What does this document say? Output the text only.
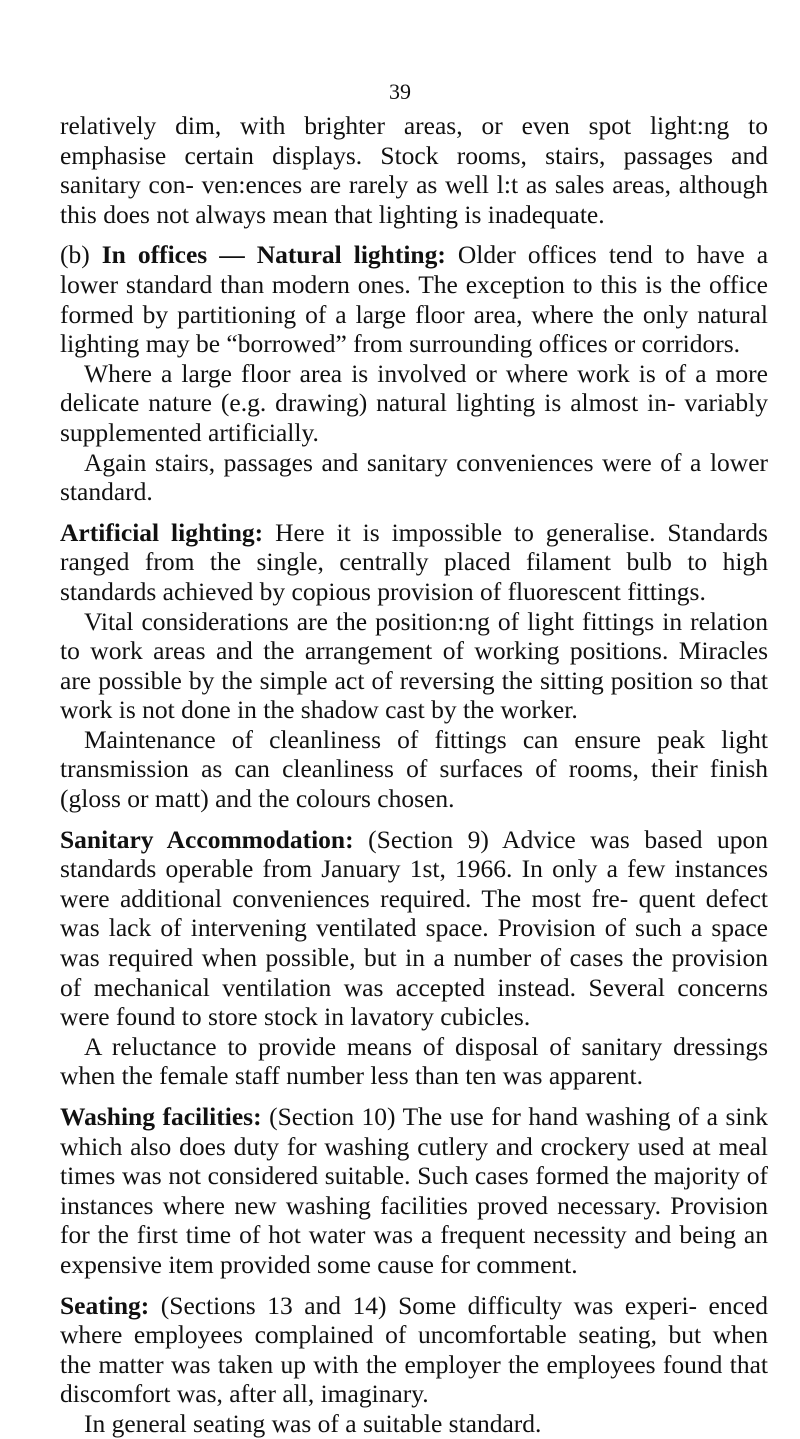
39

relatively dim, with brighter areas, or even spot light:ng to emphasise certain displays. Stock rooms, stairs, passages and sanitary con- ven:ences are rarely as well l:t as sales areas, although this does not always mean that lighting is inadequate.

(b) In offices — Natural lighting: Older offices tend to have a lower standard than modern ones. The exception to this is the office formed by partitioning of a large floor area, where the only natural lighting may be “borrowed” from surrounding offices or corridors.

Where a large floor area is involved or where work is of a more delicate nature (e.g. drawing) natural lighting is almost in- variably supplemented artificially.

Again stairs, passages and sanitary conveniences were of a lower standard.

Artificial lighting: Here it is impossible to generalise. Standards ranged from the single, centrally placed filament bulb to high standards achieved by copious provision of fluorescent fittings.

Vital considerations are the position:ng of light fittings in relation to work areas and the arrangement of working positions. Miracles are possible by the simple act of reversing the sitting position so that work is not done in the shadow cast by the worker.

Maintenance of cleanliness of fittings can ensure peak light transmission as can cleanliness of surfaces of rooms, their finish (gloss or matt) and the colours chosen.

Sanitary Accommodation: (Section 9) Advice was based upon standards operable from January 1st, 1966. In only a few instances were additional conveniences required. The most fre- quent defect was lack of intervening ventilated space. Provision of such a space was required when possible, but in a number of cases the provision of mechanical ventilation was accepted instead. Several concerns were found to store stock in lavatory cubicles.

A reluctance to provide means of disposal of sanitary dressings when the female staff number less than ten was apparent.

Washing facilities: (Section 10) The use for hand washing of a sink which also does duty for washing cutlery and crockery used at meal times was not considered suitable. Such cases formed the majority of instances where new washing facilities proved necessary. Provision for the first time of hot water was a frequent necessity and being an expensive item provided some cause for comment.

Seating: (Sections 13 and 14) Some difficulty was experi- enced where employees complained of uncomfortable seating, but when the matter was taken up with the employer the employees found that discomfort was, after all, imaginary.

In general seating was of a suitable standard.
